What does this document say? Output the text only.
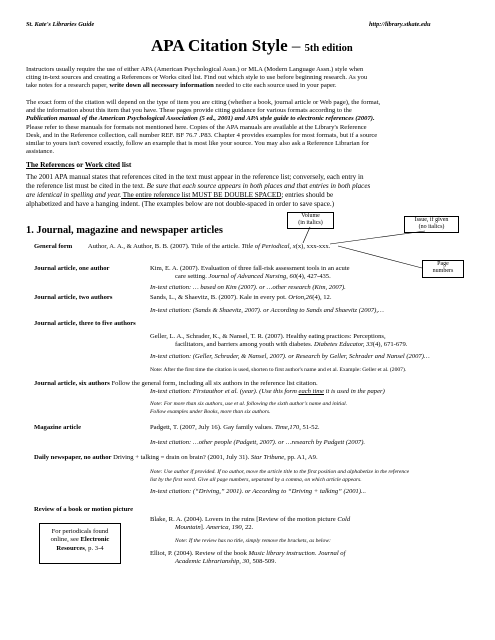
St. Kate's Libraries Guide	http://library.stkate.edu
APA Citation Style – 5th edition
Instructors usually require the use of either APA (American Psychological Assn.) or MLA (Modern Language Assn.) style when
citing in-text sources and creating a References or Works cited list. Find out which style to use before beginning research. As you
take notes for a research paper, write down all necessary information needed to cite each source used in your paper.
The exact form of the citation will depend on the type of item you are citing (whether a book, journal article or Web page), the format,
and the information about this item that you have. These pages provide citing guidance for various formats according to the
Publication manual of the American Psychological Association (5 ed., 2001) and APA style guide to electronic references (2007).
Please refer to these manuals for formats not mentioned here. Copies of the APA manuals are available at the Library's Reference
Desk, and in the Reference collection, call number REF. BF 76.7 .P83. Chapter 4 provides examples for most formats, but if a source
similar to yours isn't covered exactly, follow an example that is most like your source. You may also ask a Reference Librarian for
assistance.
The References or Work cited list
The 2001 APA manual states that references cited in the text must appear in the reference list; conversely, each entry in
the reference list must be cited in the text. Be sure that each source appears in both places and that entries in both places
are identical in spelling and year. The entire reference list MUST BE DOUBLE SPACED; entries should be
alphabetized and have a hanging indent. (The examples below are not double-spaced in order to save space.)
1. Journal, magazine and newspaper articles
Volume
(in italics)
Issue, if given
(no italics)
Page
numbers
General form Author, A. A., & Author, B. B. (2007). Title of the article. Title of Periodical, x(x), xxx-xxx.
Journal article, one author	Kim, E. A. (2007). Evaluation of three fall-risk assessment tools in an acute
care setting. Journal of Advanced Nursing, 60(4), 427-435.
In-text citation: … based on Kim (2007). or …other research (Kim, 2007).
Journal article, two authors	Sands, L., & Shaevitz, B. (2007). Kale in every pot. Orion,26(4), 12.
In-text citation: (Sands & Shaevitz, 2007). or According to Sands and Shaevitz (2007),…
Journal article, three to five authors
Geller, L. A., Schrader, K., & Nansel, T. R. (2007). Healthy eating practices: Perceptions,
facilitators, and barriers among youth with diabetes. Diabetes Educator, 33(4), 671-679.
In-text citation: (Geller, Schrader, & Nansel, 2007). or Research by Geller, Schrader and Nansel (2007)…
Note: After the first time the citation is used, shorten to first author's name and et al. Example: Geller et al. (2007).
Journal article, six authors Follow the general form, including all six authors in the reference list citation.
In-text citation: Firstauthor et al. (year). (Use this form each time it is used in the paper)
Note: For more than six authors, use et al. following the sixth author's name and initial.
Follow examples under Books, more than six authors.
Magazine article	Padgett, T. (2007, July 16). Gay family values. Time,170, 51-52.
In-text citation: …other people (Padgett, 2007). or …research by Padgett (2007).
Daily newspaper, no author Driving + talking = drain on brain? (2001, July 31). Star Tribune, pp. A1, A9.
Note: Use author if provided. If no author, move the article title to the first position and alphabetize in the reference
list by the first word. Give all page numbers, separated by a comma, on which article appears.
In-text citation: (“Driving,” 2001). or According to “Driving + talking” (2001)...
Review of a book or motion picture
Blake, R. A. (2004). Lovers in the ruins [Review of the motion picture Cold
Mountain]. America, 190, 22.
Note: If the review has no title, simply remove the brackets, as below:
Elliot, P. (2004). Review of the book Music library instruction. Journal of
Academic Librarianship, 30, 508-509.
For periodicals found
online, see Electronic
Resources, p. 3-4
